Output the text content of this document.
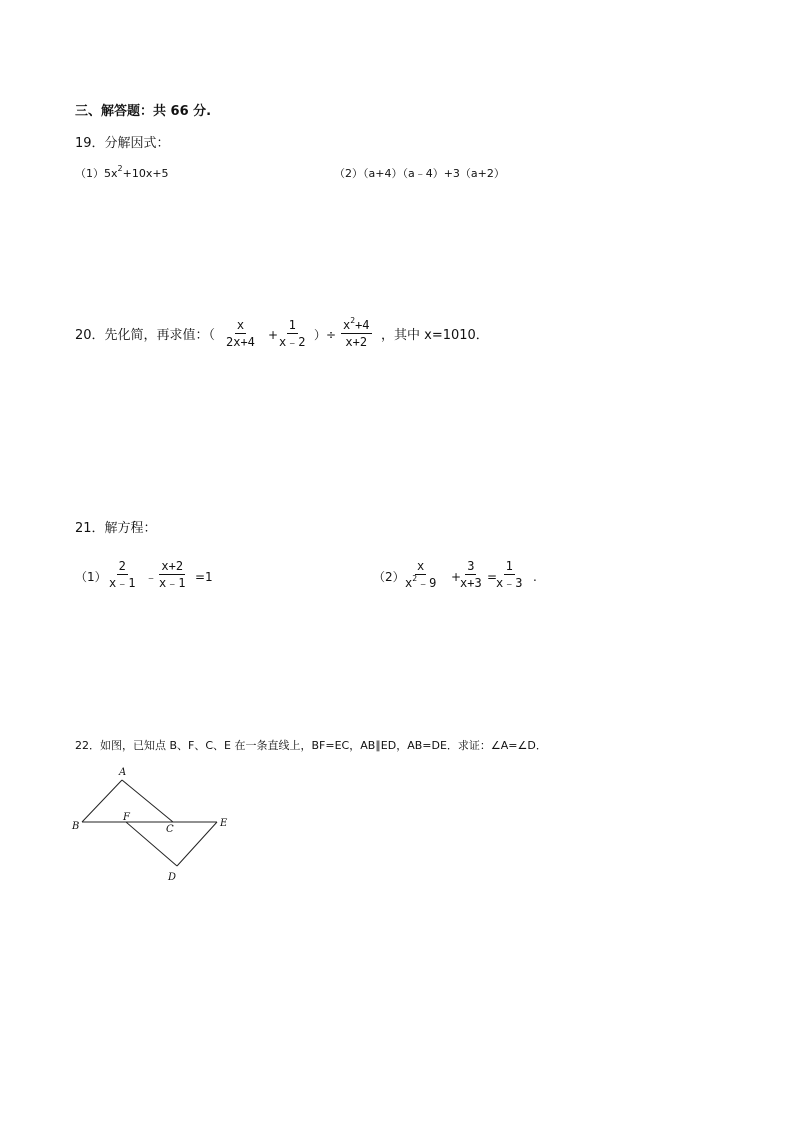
三、解答题：共 66 分.
19．分解因式：
$(1)5x^2+10x+5$	（2）（a+4）（a﹣4）+3（a+2）
20．先化简，再求值：（ $\frac{x}{2x+4}$ +
$\frac{1}{x﹣2}$ ）÷ $\frac{x^2+4}{x+2}$ ，其中 x=1010．
21．解方程：
$(1) \frac{2}{x﹣1}$ ﹣ $\frac{x+2}{x﹣1} =1$	（2）
$\frac{x}{x^2﹣9}$ +
$\frac{3}{x+3}$ =
$\frac{1}{x﹣3}$ .
22．如图，已知点 B、F、C、E 在一条直线上，BF=EC，AB∥ED，AB=DE．求证：∠A=∠D．
A
B
F
C
E
D
